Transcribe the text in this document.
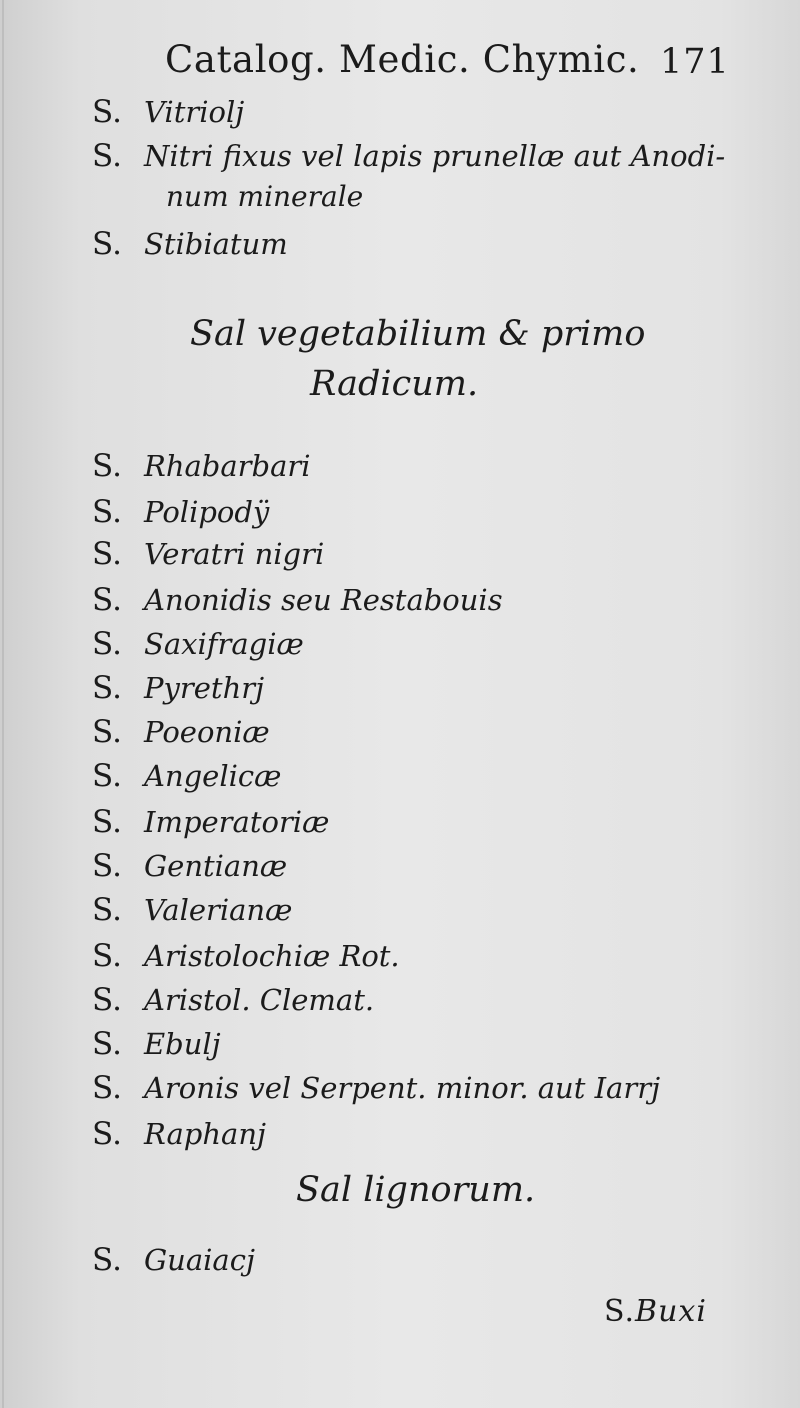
Catalog. Medic. Chymic. 171
S. Vitriolj
S. Nitri fixus vel lapis prunellæ aut Anodi-
num minerale
S. Stibiatum
Sal vegetabilium & primo
Radicum.
S. Rhabarbari
S. Polipodÿ
S. Veratri nigri
S. Anonidis seu Restabouis
S. Saxifragiæ
S. Pyrethrj
S. Poeoniæ
S. Angelicæ
S. Imperatoriæ
S. Gentianæ
S. Valerianæ
S. Aristolochiæ Rot.
S. Aristol. Clemat.
S. Ebulj
S. Aronis vel Serpent. minor. aut Iarrj
S. Raphanj
Sal lignorum.
S. Guaiacj
S.Buxi
